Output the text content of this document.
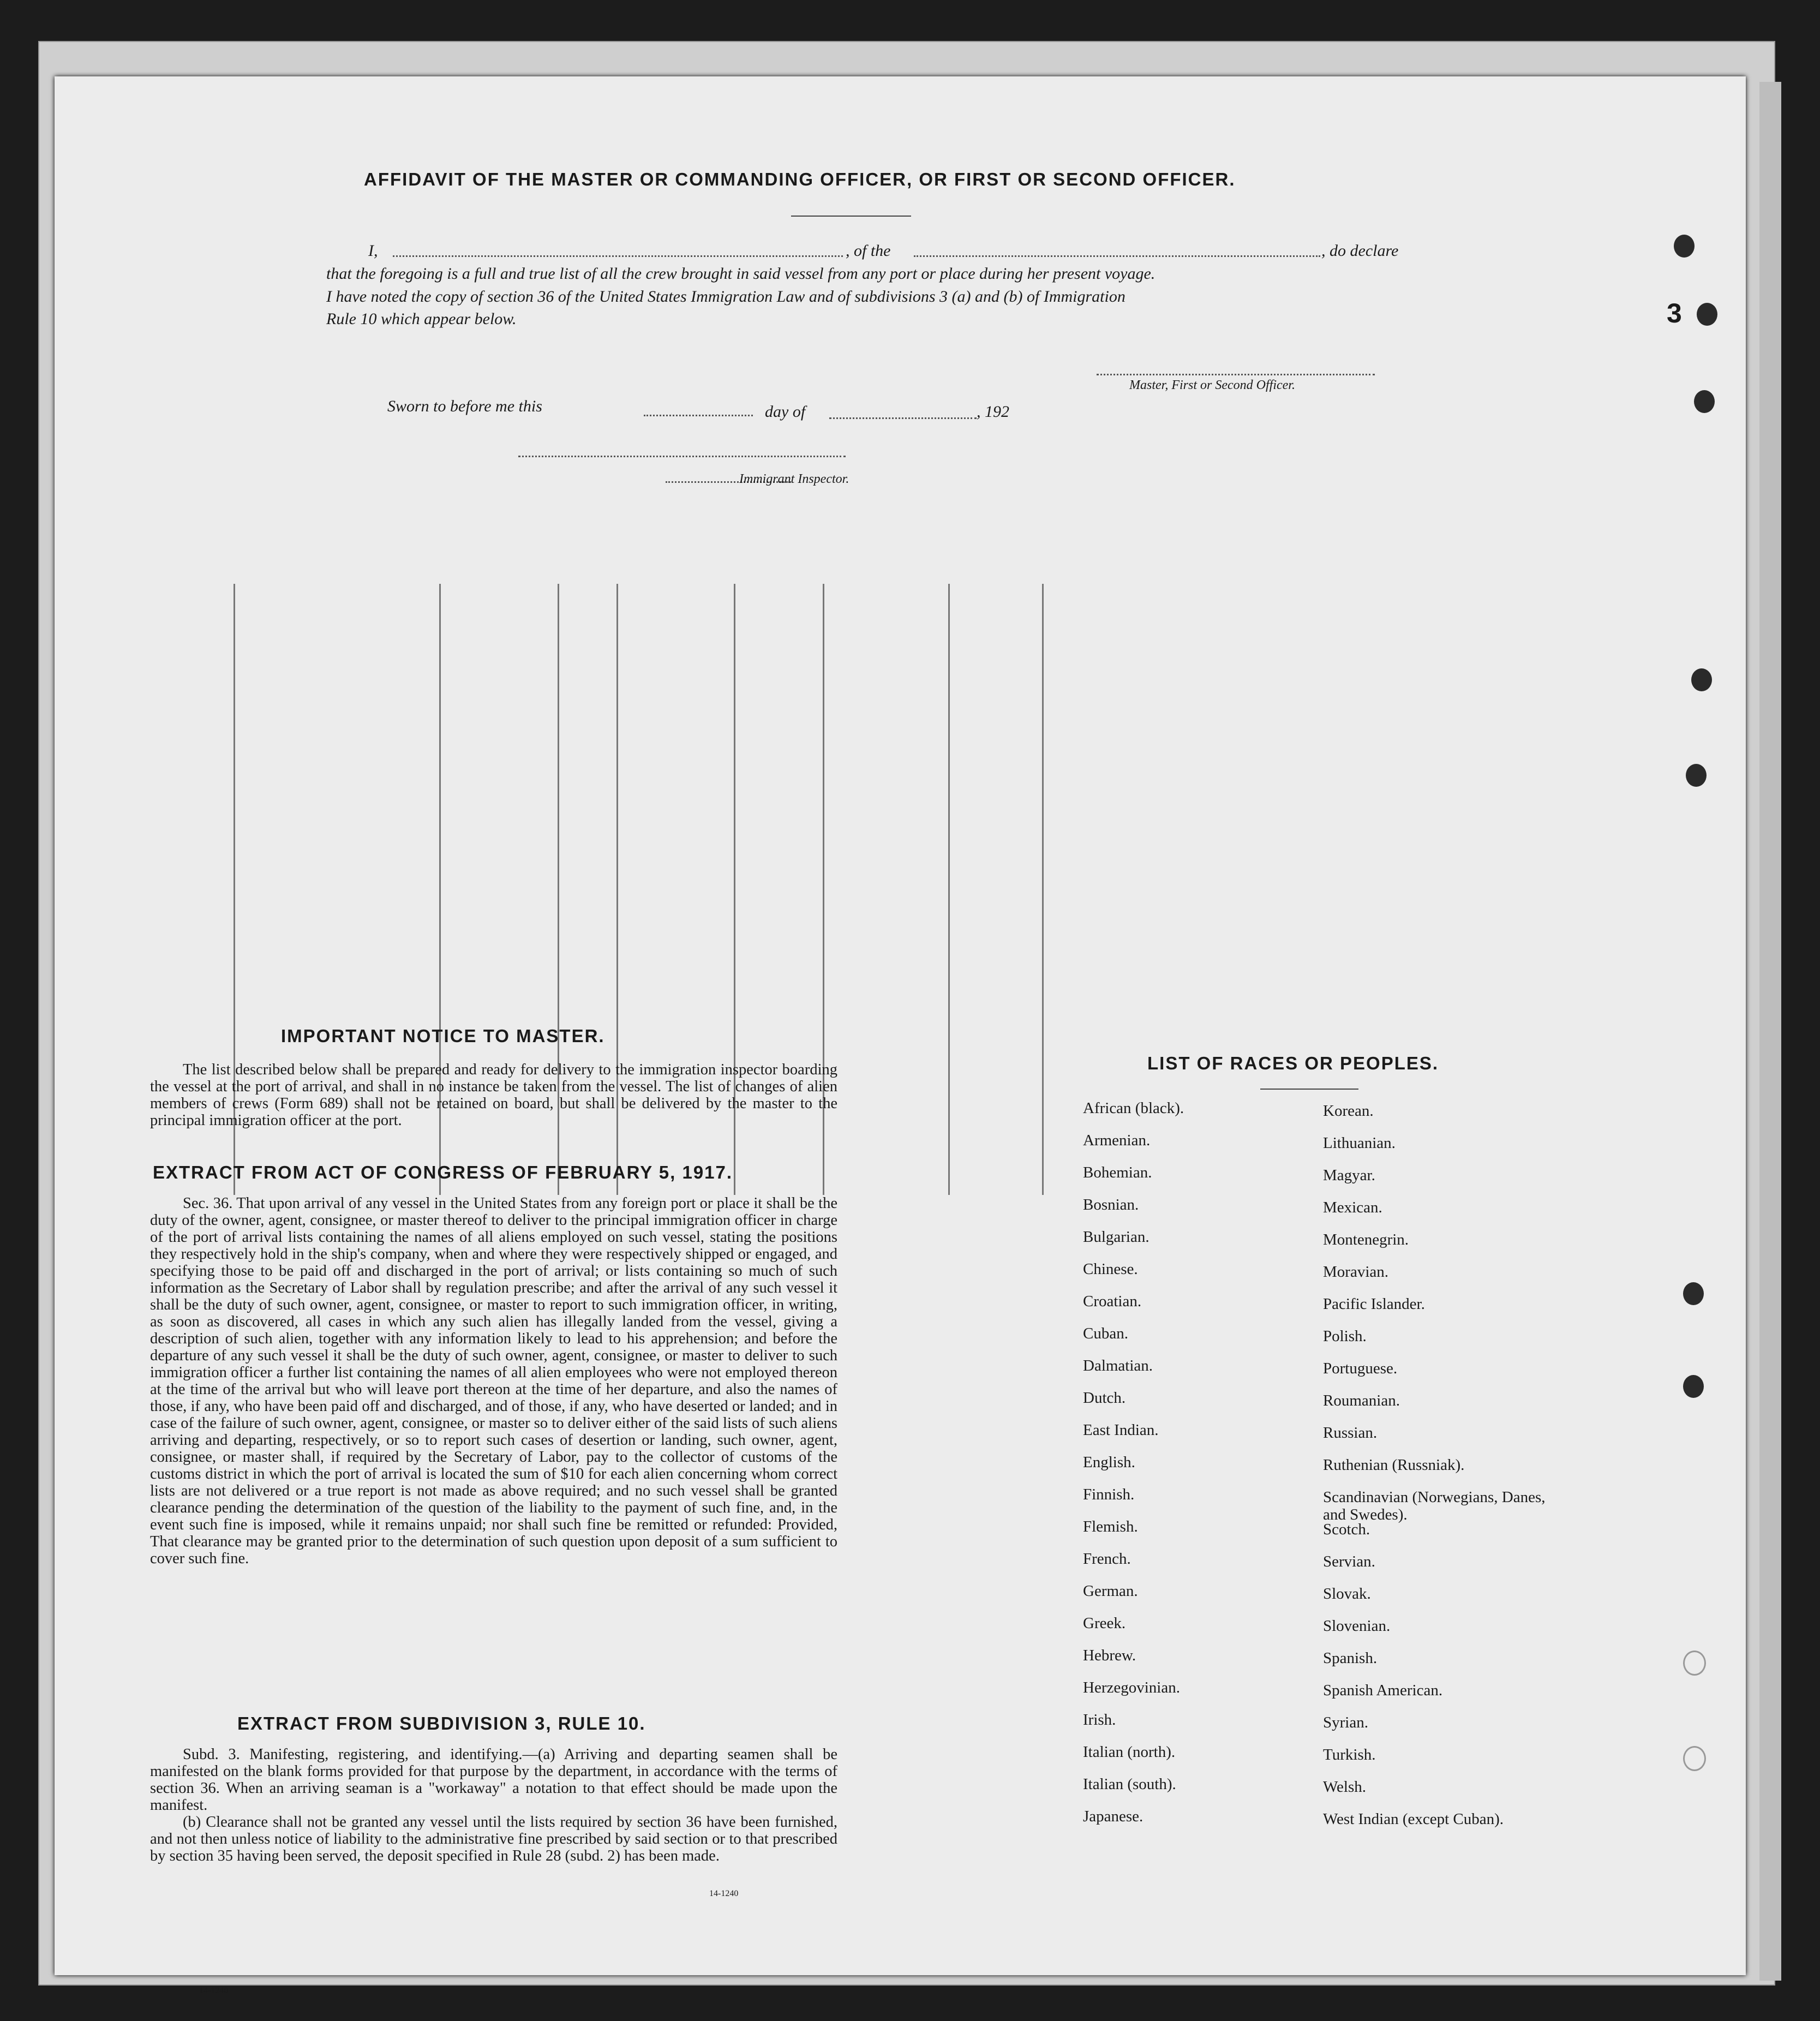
3
AFFIDAVIT OF THE MASTER OR COMMANDING OFFICER, OR FIRST OR SECOND OFFICER.
I,	, of the	, do declare
that the foregoing is a full and true list of all the crew brought in said vessel from any port or place during her present voyage.
I have noted the copy of section 36 of the United States Immigration Law and of subdivisions 3 (a) and (b) of Immigration
Rule 10 which appear below.
Master, First or Second Officer.
Sworn to before me this	day of	, 192
Immigrant Inspector.
IMPORTANT NOTICE TO MASTER.

The list described below shall be prepared and ready for delivery to the immigration inspector boarding the vessel at the port of arrival, and shall in no instance be taken from the vessel. The list of changes of alien members of crews (Form 689) shall not be retained on board, but shall be delivered by the master to the principal immigration officer at the port.

EXTRACT FROM ACT OF CONGRESS OF FEBRUARY 5, 1917.

Sec. 36. That upon arrival of any vessel in the United States from any foreign port or place it shall be the duty of the owner, agent, consignee, or master thereof to deliver to the principal immigration officer in charge of the port of arrival lists containing the names of all aliens employed on such vessel, stating the positions they respectively hold in the ship's company, when and where they were respectively shipped or engaged, and specifying those to be paid off and discharged in the port of arrival; or lists containing so much of such information as the Secretary of Labor shall by regulation prescribe; and after the arrival of any such vessel it shall be the duty of such owner, agent, consignee, or master to report to such immigration officer, in writing, as soon as discovered, all cases in which any such alien has illegally landed from the vessel, giving a description of such alien, together with any information likely to lead to his apprehension; and before the departure of any such vessel it shall be the duty of such owner, agent, consignee, or master to deliver to such immigration officer a further list containing the names of all alien employees who were not employed thereon at the time of the arrival but who will leave port thereon at the time of her departure, and also the names of those, if any, who have been paid off and discharged, and of those, if any, who have deserted or landed; and in case of the failure of such owner, agent, consignee, or master so to deliver either of the said lists of such aliens arriving and departing, respectively, or so to report such cases of desertion or landing, such owner, agent, consignee, or master shall, if required by the Secretary of Labor, pay to the collector of customs of the customs district in which the port of arrival is located the sum of $10 for each alien concerning whom correct lists are not delivered or a true report is not made as above required; and no such vessel shall be granted clearance pending the determination of the question of the liability to the payment of such fine, and, in the event such fine is imposed, while it remains unpaid; nor shall such fine be remitted or refunded: Provided, That clearance may be granted prior to the determination of such question upon deposit of a sum sufficient to cover such fine.

EXTRACT FROM SUBDIVISION 3, RULE 10.

Subd. 3. Manifesting, registering, and identifying.—(a) Arriving and departing seamen shall be manifested on the blank forms provided for that purpose by the department, in accordance with the terms of section 36. When an arriving seaman is a "workaway" a notation to that effect should be made upon the manifest.

(b) Clearance shall not be granted any vessel until the lists required by section 36 have been furnished, and not then unless notice of liability to the administrative fine prescribed by said section or to that prescribed by section 35 having been served, the deposit specified in Rule 28 (subd. 2) has been made.

14-1240
14-1240
LIST OF RACES OR PEOPLES.
African (black).
Armenian.
Bohemian.
Bosnian.
Bulgarian.
Chinese.
Croatian.
Cuban.
Dalmatian.
Dutch.
East Indian.
English.
Finnish.
Flemish.
French.
German.
Greek.
Hebrew.
Herzegovinian.
Irish.
Italian (north).
Italian (south).
Japanese.
Korean.
Lithuanian.
Magyar.
Mexican.
Montenegrin.
Moravian.
Pacific Islander.
Polish.
Portuguese.
Roumanian.
Russian.
Ruthenian (Russniak).
Scandinavian (Norwegians, Danes, and Swedes).
Scotch.
Servian.
Slovak.
Slovenian.
Spanish.
Spanish American.
Syrian.
Turkish.
Welsh.
West Indian (except Cuban).
